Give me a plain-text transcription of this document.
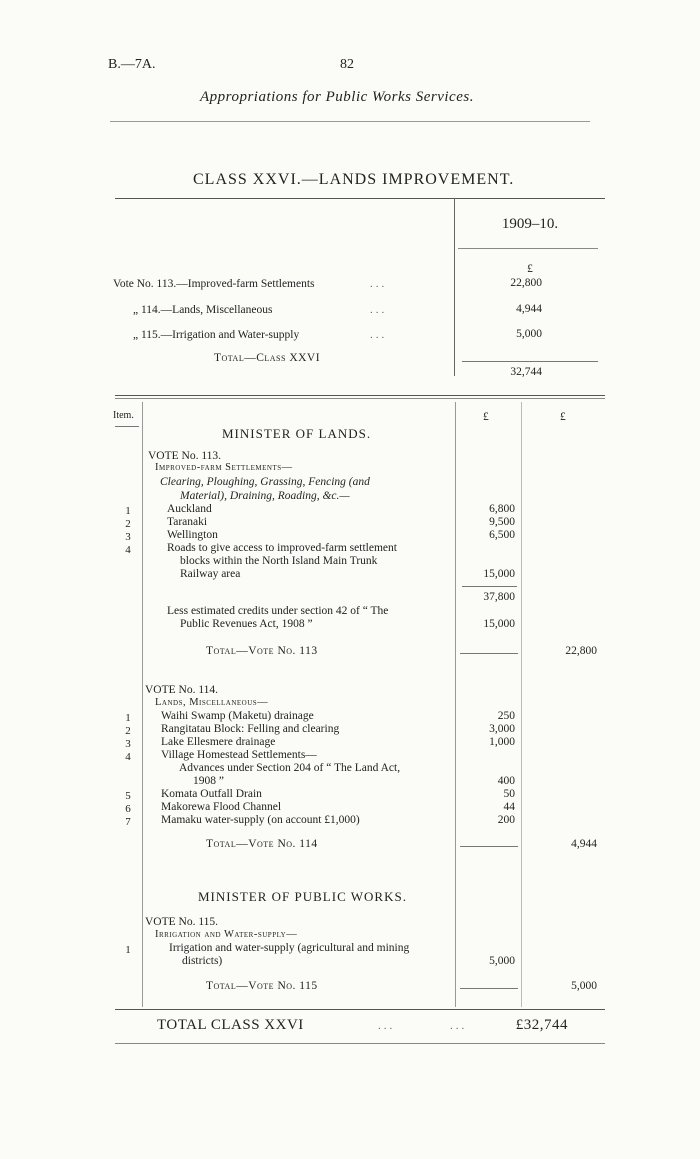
B.—7A.	82
Appropriations for Public Works Services.
CLASS XXVI.—LANDS IMPROVEMENT.
1909–10.
£
Vote No. 113.—Improved-farm Settlements	...	22,800
„ 114.—Lands, Miscellaneous	...	4,944
„ 115.—Irrigation and Water-supply	...	5,000
Total—Class XXVI
32,744
Item.	£	£
MINISTER OF LANDS.
VOTE No. 113.
Improved-farm Settlements—
Clearing, Ploughing, Grassing, Fencing (and
Material), Draining, Roading, &c.—
1	Auckland	6,800
2	Taranaki	9,500
3	Wellington	6,500
4	Roads to give access to improved-farm settlement
blocks within the North Island Main Trunk
Railway area	15,000
37,800
Less estimated credits under section 42 of “ The
Public Revenues Act, 1908 ”	15,000
Total—Vote No. 113	22,800
VOTE No. 114.
Lands, Miscellaneous—
1	Waihi Swamp (Maketu) drainage	250
2	Rangitatau Block: Felling and clearing	3,000
3	Lake Ellesmere drainage	1,000
4	Village Homestead Settlements—
Advances under Section 204 of “ The Land Act,
1908 ”	400
5	Komata Outfall Drain	50
6	Makorewa Flood Channel	44
7	Mamaku water-supply (on account £1,000)	200
Total—Vote No. 114	4,944
MINISTER OF PUBLIC WORKS.
VOTE No. 115.
Irrigation and Water-supply—
1	Irrigation and water-supply (agricultural and mining
districts)	5,000
Total—Vote No. 115	5,000
TOTAL CLASS XXVI	...	...	£32,744
